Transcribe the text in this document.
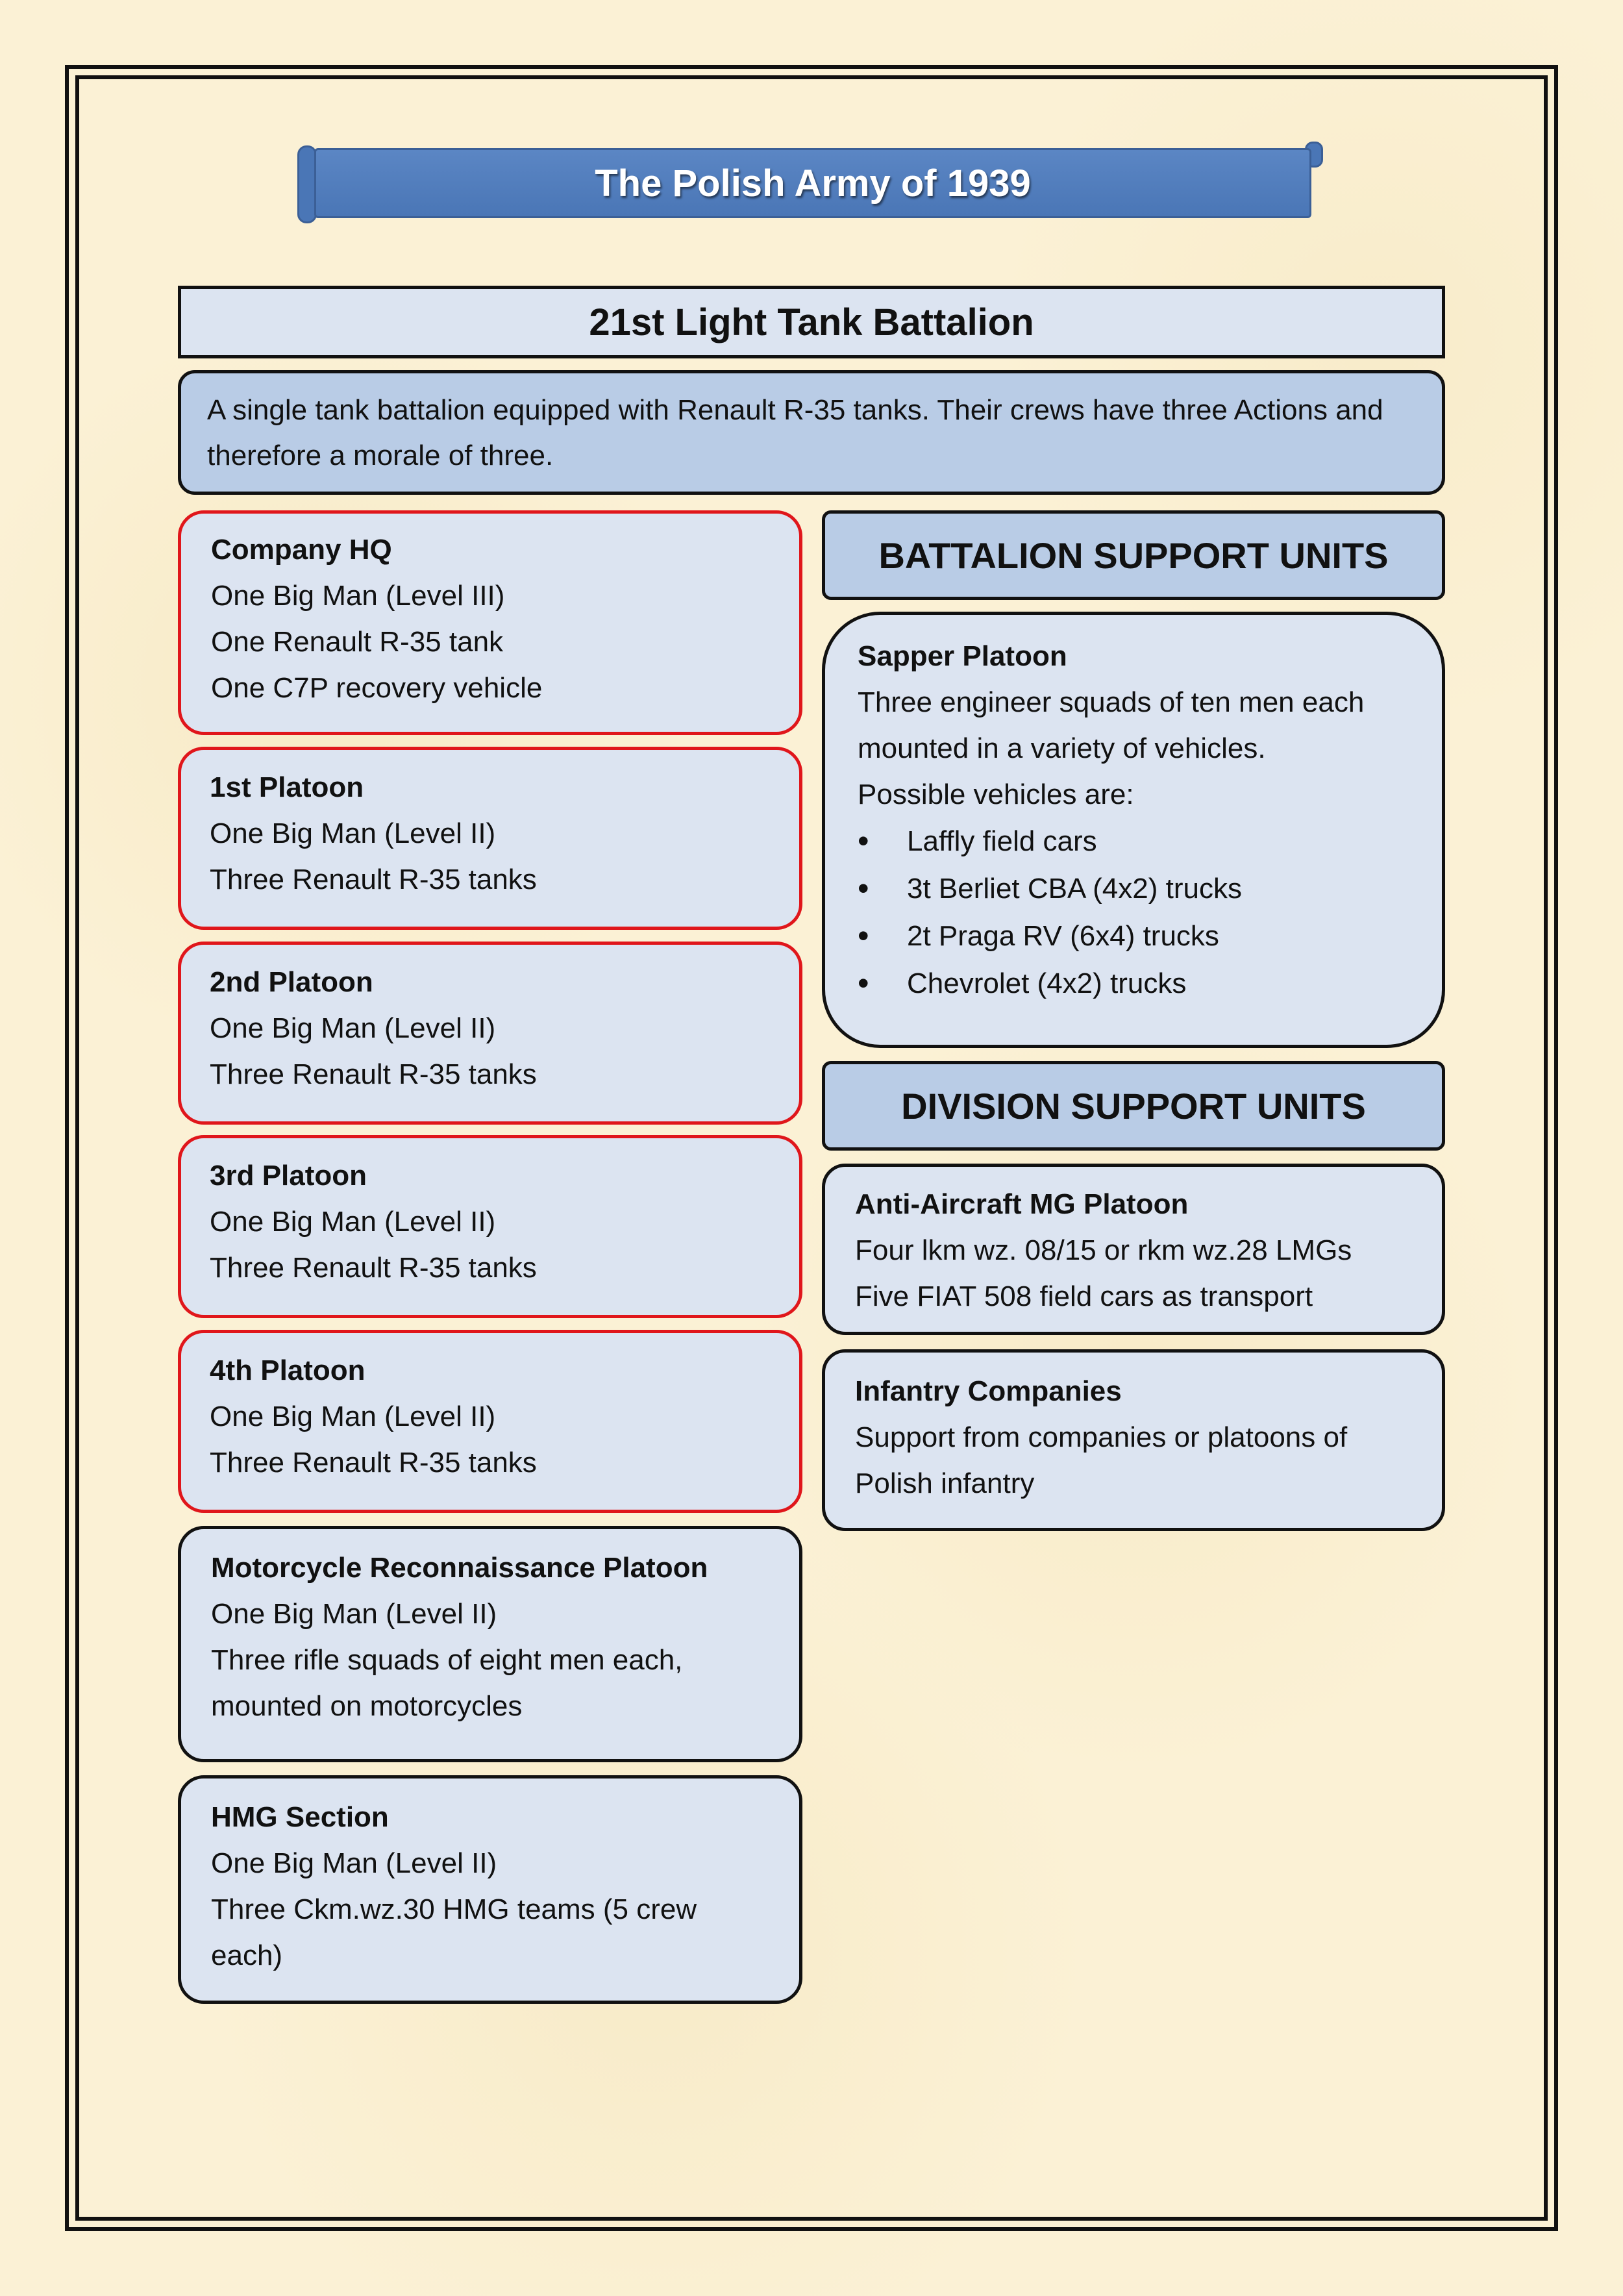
The Polish Army of 1939
21st Light Tank Battalion
A single tank battalion equipped with Renault R-35 tanks. Their crews have three Actions and therefore a morale of three.
Company HQ
One Big Man (Level III)
One Renault R-35 tank
One C7P recovery vehicle
1st Platoon
One Big Man (Level II)
Three Renault R-35 tanks
2nd Platoon
One Big Man (Level II)
Three Renault R-35 tanks
3rd Platoon
One Big Man (Level II)
Three Renault R-35 tanks
4th Platoon
One Big Man (Level II)
Three Renault R-35 tanks
Motorcycle Reconnaissance Platoon
One Big Man (Level II)
Three rifle squads of eight men each,
mounted on motorcycles
HMG Section
One Big Man (Level II)
Three Ckm.wz.30 HMG teams (5 crew
each)
BATTALION SUPPORT UNITS
Sapper Platoon
Three engineer squads of ten men each
mounted in a variety of vehicles.
Possible vehicles are:
• Laffly field cars
• 3t Berliet CBA (4x2) trucks
• 2t Praga RV (6x4) trucks
• Chevrolet (4x2) trucks
DIVISION SUPPORT UNITS
Anti-Aircraft MG Platoon
Four lkm wz. 08/15 or rkm wz.28 LMGs
Five FIAT 508 field cars as transport
Infantry Companies
Support from companies or platoons of
Polish infantry
